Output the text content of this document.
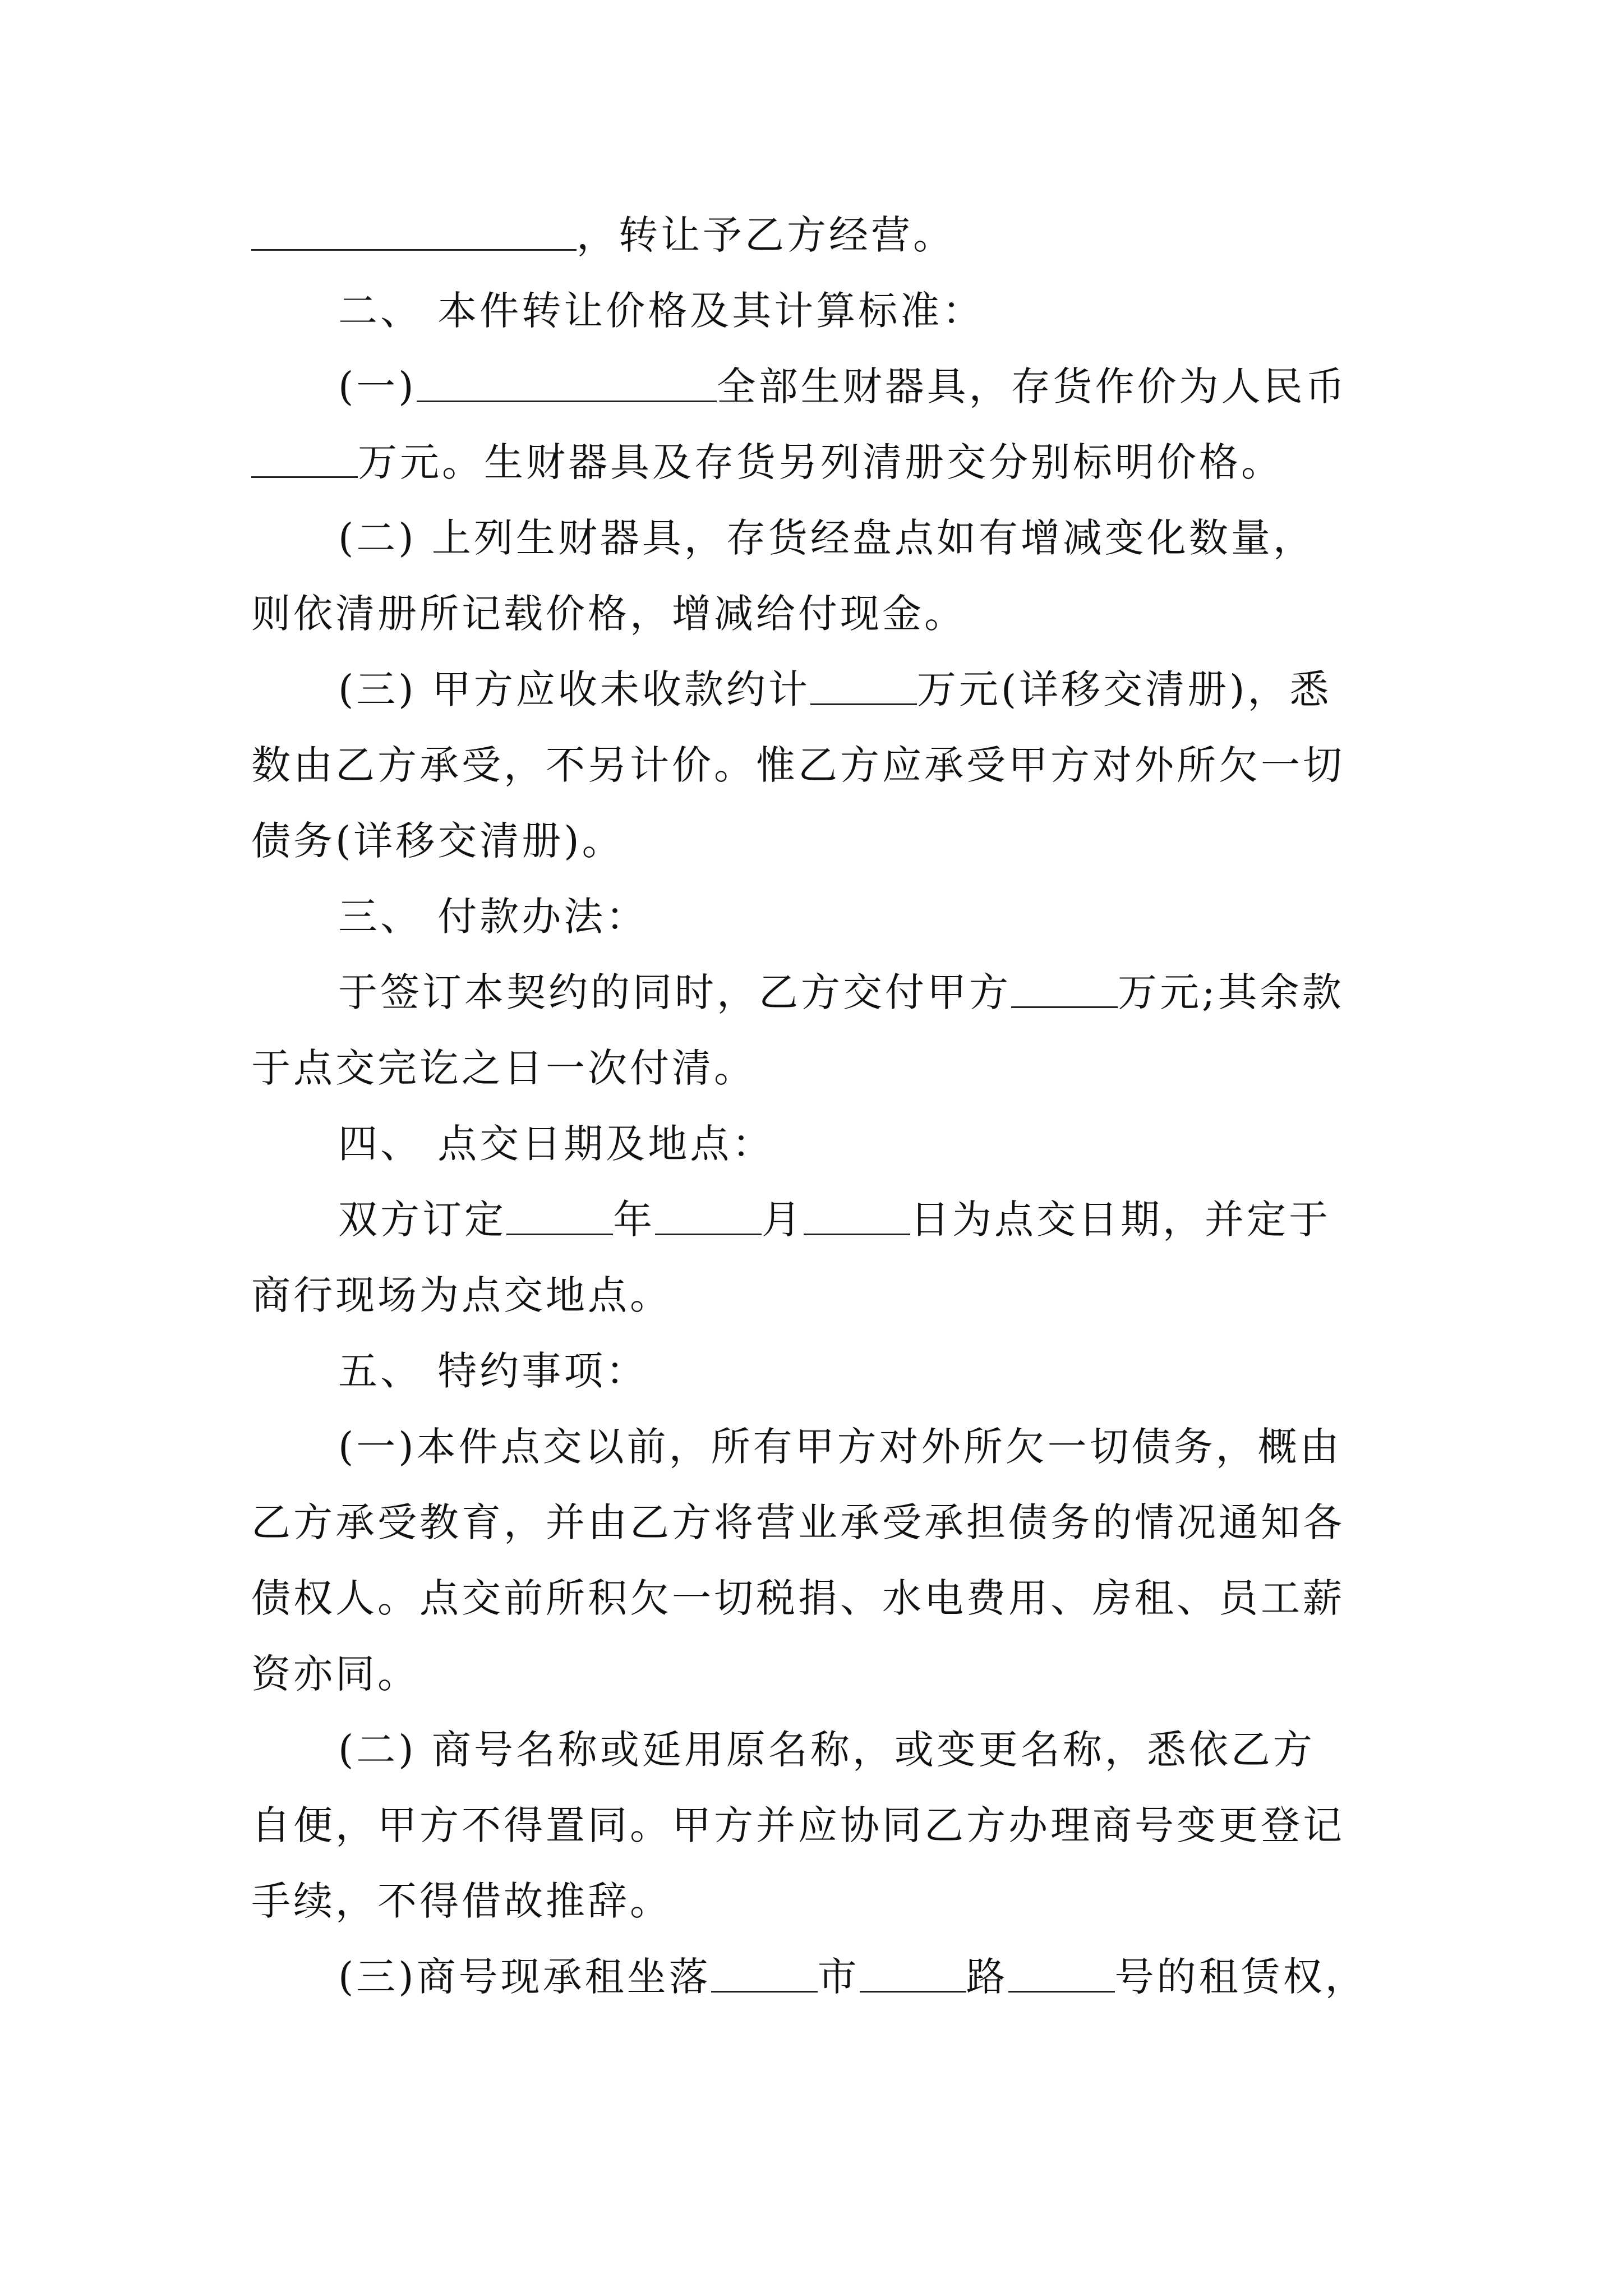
，转让予乙方经营。
二、 本件转让价格及其计算标准：
(一)	全部生财器具，存货作价为人民币
万元。生财器具及存货另列清册交分别标明价格。
(二) 上列生财器具，存货经盘点如有增减变化数量，
则依清册所记载价格，增减给付现金。
(三) 甲方应收未收款约计	万元(详移交清册)，悉
数由乙方承受，不另计价。惟乙方应承受甲方对外所欠一切
债务(详移交清册)。
三、 付款办法：
于签订本契约的同时，乙方交付甲方	万元;其余款
于点交完讫之日一次付清。
四、 点交日期及地点：
双方订定	年	月	日为点交日期，并定于
商行现场为点交地点。
五、 特约事项：
(一)本件点交以前，所有甲方对外所欠一切债务，概由
乙方承受教育，并由乙方将营业承受承担债务的情况通知各
债权人。点交前所积欠一切税捐、水电费用、房租、员工薪
资亦同。
(二) 商号名称或延用原名称，或变更名称，悉依乙方
自便，甲方不得置同。甲方并应协同乙方办理商号变更登记
手续，不得借故推辞。
(三)商号现承租坐落	市	路	号的租赁权，
